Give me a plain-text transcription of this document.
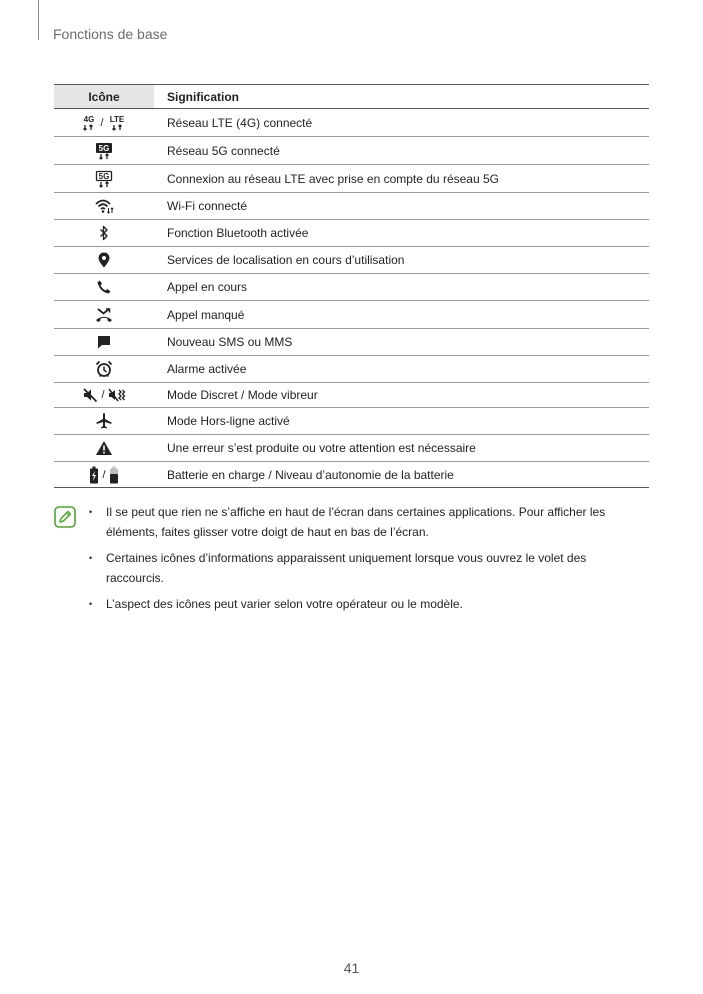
Fonctions de base
Icône	Signification

4G / LTE	Réseau LTE (4G) connecté

5G	Réseau 5G connecté

5G	Connexion au réseau LTE avec prise en compte du réseau 5G
	Wi-Fi connecté
	Fonction Bluetooth activée
	Services de localisation en cours d’utilisation
	Appel en cours
	Appel manqué
	Nouveau SMS ou MMS
	Alarme activée
/	Mode Discret / Mode vibreur
	Mode Hors-ligne activé
	Une erreur s’est produite ou votre attention est nécessaire
/	Batterie en charge / Niveau d’autonomie de la batterie
• Il se peut que rien ne s’affiche en haut de l’écran dans certaines applications. Pour afficher les éléments, faites glisser votre doigt de haut en bas de l’écran.
• Certaines icônes d’informations apparaissent uniquement lorsque vous ouvrez le volet des raccourcis.
• L’aspect des icônes peut varier selon votre opérateur ou le modèle.
41
